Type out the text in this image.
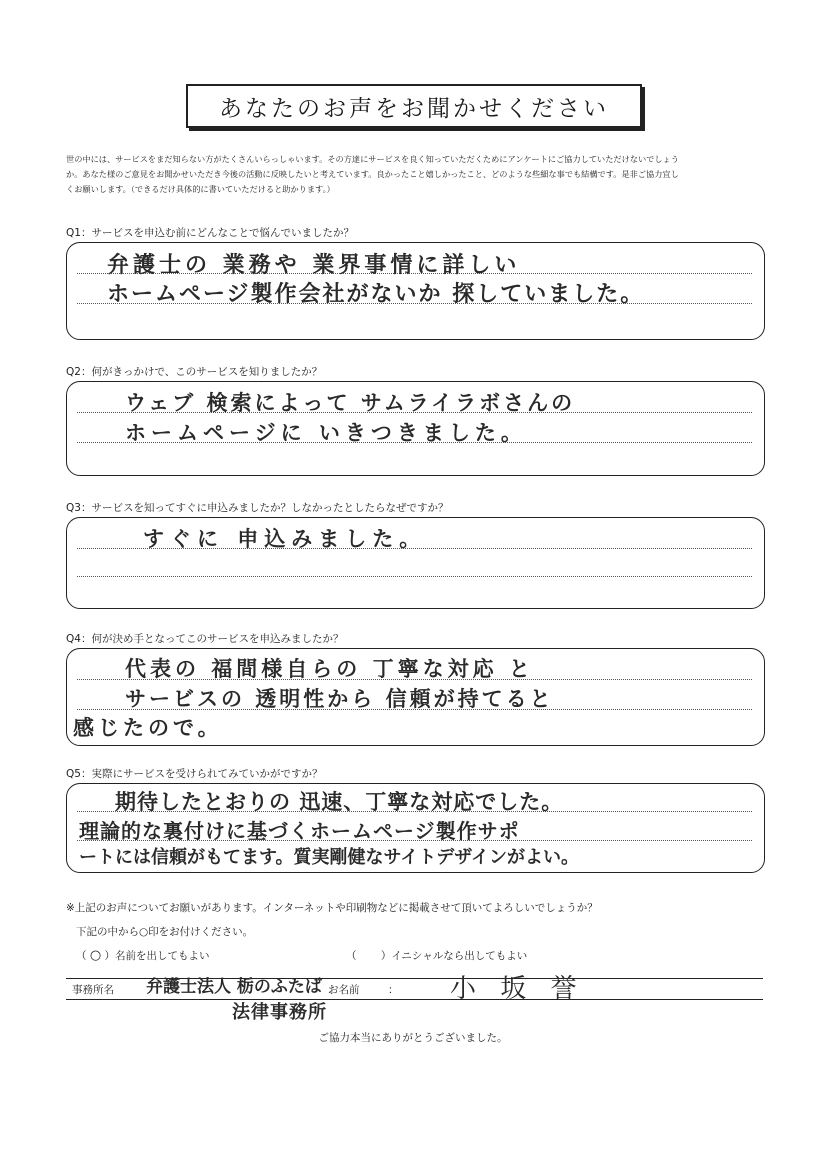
あなたのお声をお聞かせください
世の中には、サービスをまだ知らない方がたくさんいらっしゃいます。その方達にサービスを良く知っていただくためにアンケートにご協力していただけないでしょう
か。あなた様のご意見をお聞かせいただき今後の活動に反映したいと考えています。良かったこと嬉しかったこと、どのような些細な事でも結構です。是非ご協力宜し
くお願いします。（できるだけ具体的に書いていただけると助かります。）
Q1：サービスを申込む前にどんなことで悩んでいましたか？
弁護士の 業務や 業界事情に詳しい
ホームページ製作会社がないか 探していました。
Q2：何がきっかけで、このサービスを知りましたか？
ウェブ 検索によって サムライラボさんの
ホームページに いきつきました。
Q3：サービスを知ってすぐに申込みましたか？しなかったとしたらなぜですか？
すぐに 申込みました。
Q4：何が決め手となってこのサービスを申込みましたか？
代表の 福間様自らの 丁寧な対応 と
サービスの 透明性から 信頼が持てると
感じたので。
Q5：実際にサービスを受けられてみていかがですか？
期待したとおりの 迅速、丁寧な対応でした。
理論的な裏付けに基づくホームページ製作サポ
ートには信頼がもてます。質実剛健なサイトデザインがよい。
※上記のお声についてお願いがあります。インターネットや印刷物などに掲載させて頂いてよろしいでしょうか？
下記の中から○印をお付けください。
（ ○ ）名前を出してもよい	（ 　　）イニシャルなら出してもよい
事務所名 弁護士法人 栃のふたば
法律事務所
お名前	： 小 坂 誉
ご協力本当にありがとうございました。
